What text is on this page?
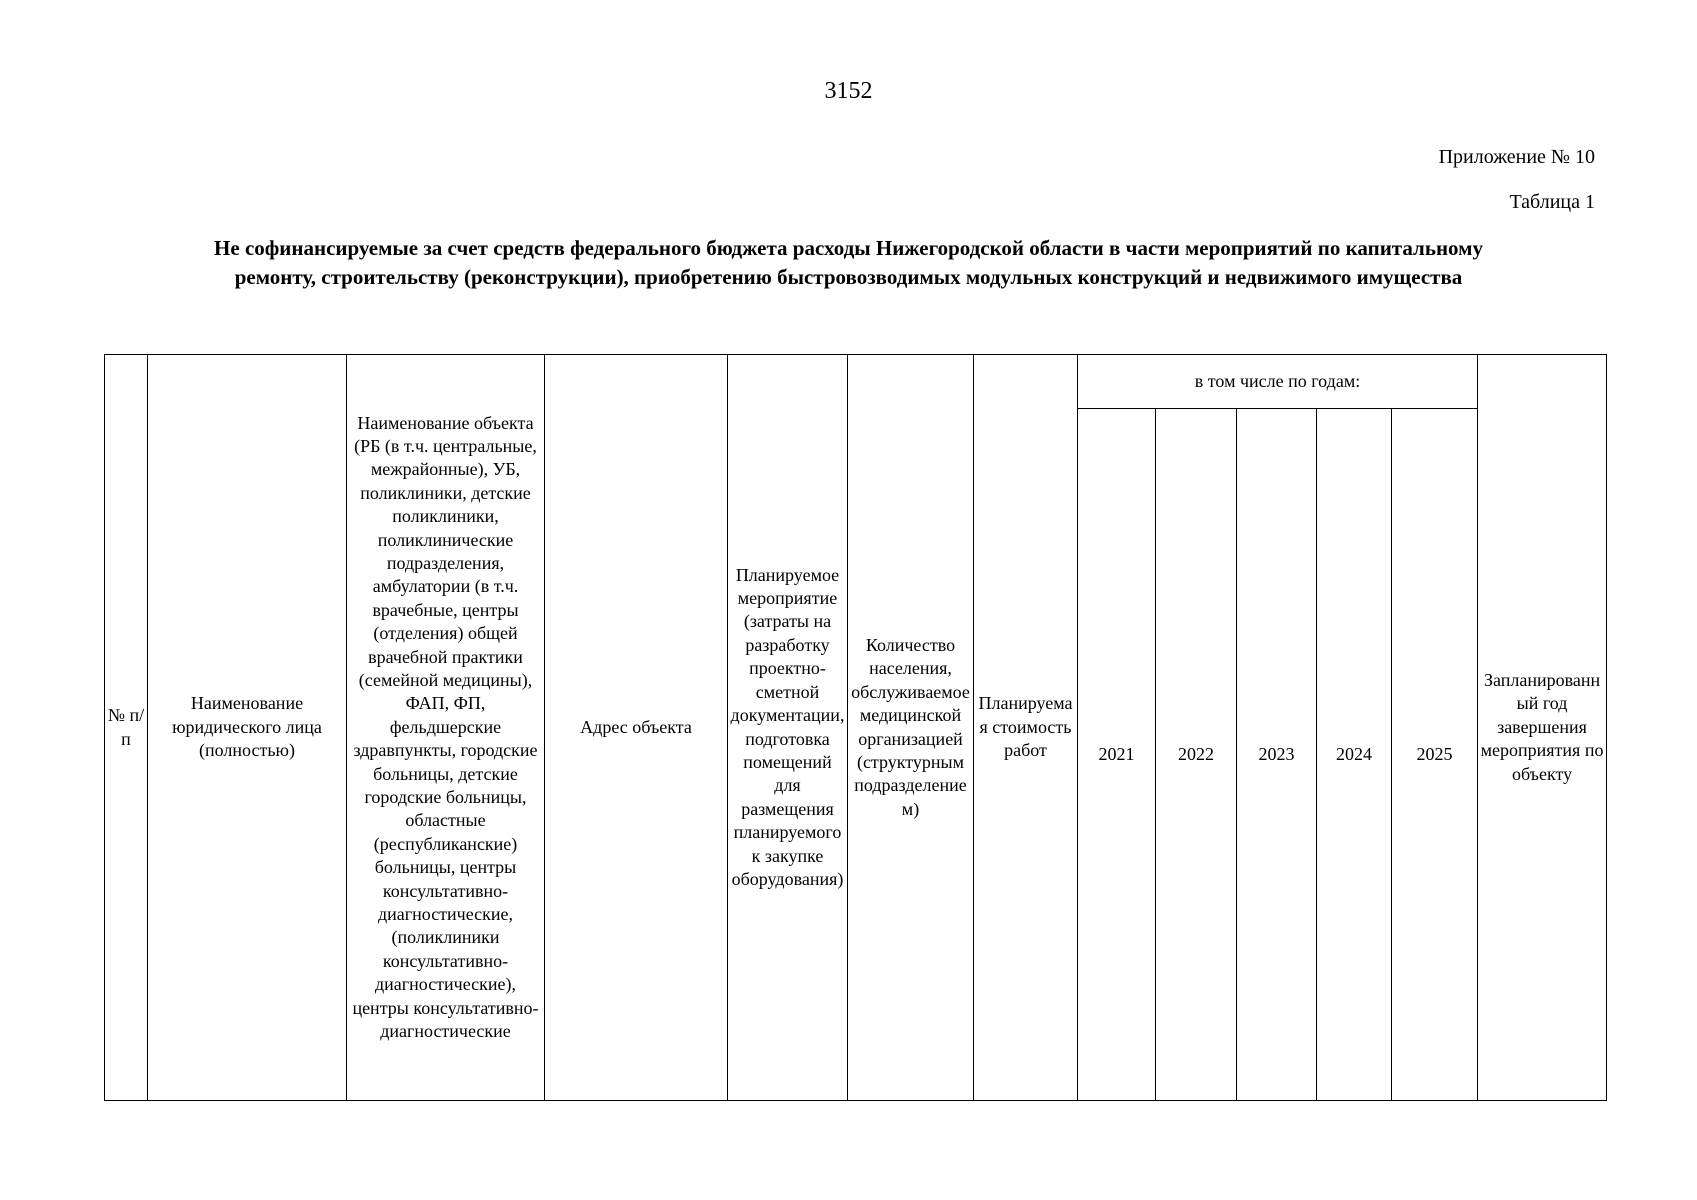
3152
Приложение № 10
Таблица 1
Не софинансируемые за счет средств федерального бюджета расходы Нижегородской области в части мероприятий по капитальному
ремонту, строительству (реконструкции), приобретению быстровозводимых модульных конструкций и недвижимого имущества
№ п/п	Наименование юридического лица (полностью)	Наименование объекта (РБ (в т.ч. центральные, межрайонные), УБ, поликлиники, детские поликлиники, поликлинические подразделения, амбулатории (в т.ч. врачебные, центры (отделения) общей врачебной практики (семейной медицины), ФАП, ФП, фельдшерские здравпункты, городские больницы, детские городские больницы, областные (республиканские) больницы, центры консультативно-диагностические, (поликлиники консультативно-диагностические), центры консультативно-диагностические	Адрес объекта	Планируемое мероприятие (затраты на разработку проектно-сметной документации, подготовка помещений для размещения планируемого к закупке оборудования)	Количество населения, обслуживаемое медицинской организацией (структурным подразделением)	Планируемая стоимость работ	в том числе по годам:					Запланированный год завершения мероприятия по объекту
							2021	2022	2023	2024	2025	
